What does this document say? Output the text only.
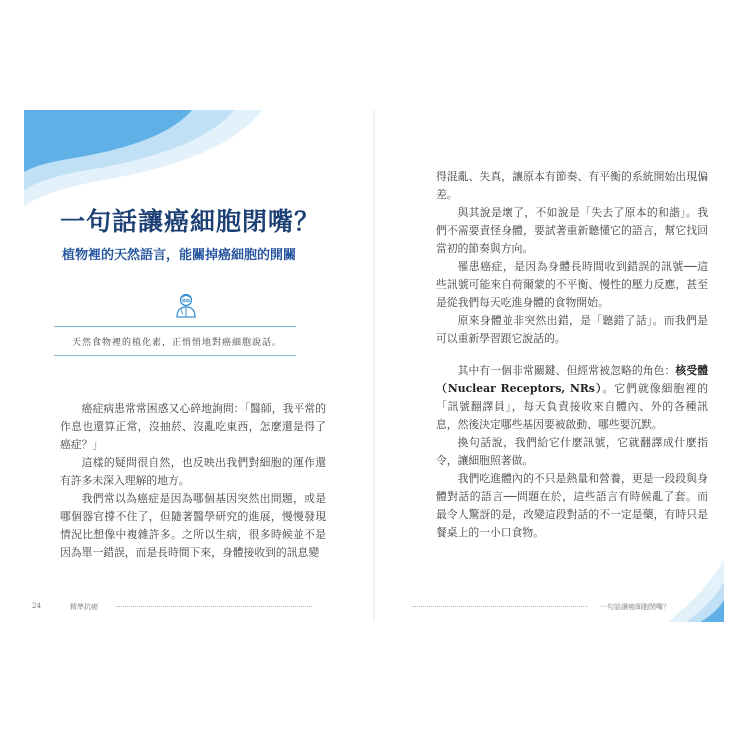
一句話讓癌細胞閉嘴？
植物裡的天然語言，能關掉癌細胞的開關
天然食物裡的植化素，正悄悄地對癌細胞說話。

癌症病患常常困惑又心碎地詢問：「醫師，我平常的作息也還算正常，沒抽菸、沒亂吃東西，怎麼還是得了癌症？」

這樣的疑問很自然，也反映出我們對細胞的運作還有許多未深入理解的地方。

我們常以為癌症是因為哪個基因突然出問題，或是哪個器官撐不住了，但隨著醫學研究的進展，慢慢發現情況比想像中複雜許多。之所以生病，很多時候並不是因為單一錯誤，而是長時間下來，身體接收到的訊息變

24	精準抗癌

得混亂、失真，讓原本有節奏、有平衡的系統開始出現偏差。

與其說是壞了，不如說是「失去了原本的和諧」。我們不需要責怪身體，要試著重新聽懂它的語言，幫它找回當初的節奏與方向。

罹患癌症，是因為身體長時間收到錯誤的訊號──這些訊號可能來自荷爾蒙的不平衡、慢性的壓力反應，甚至是從我們每天吃進身體的食物開始。

原來身體並非突然出錯，是「聽錯了話」。而我們是可以重新學習跟它說話的。

其中有一個非常關鍵、但經常被忽略的角色：核受體（Nuclear Receptors, NRs）。它們就像細胞裡的「訊號翻譯員」，每天負責接收來自體內、外的各種訊息，然後決定哪些基因要被啟動、哪些要沉默。

換句話說，我們給它什麼訊號，它就翻譯成什麼指令，讓細胞照著做。

我們吃進體內的不只是熱量和營養，更是一段段與身體對話的語言──問題在於，這些語言有時候亂了套。而最令人驚訝的是，改變這段對話的不一定是藥，有時只是餐桌上的一小口食物。

一句話讓癌細胞閉嘴？
